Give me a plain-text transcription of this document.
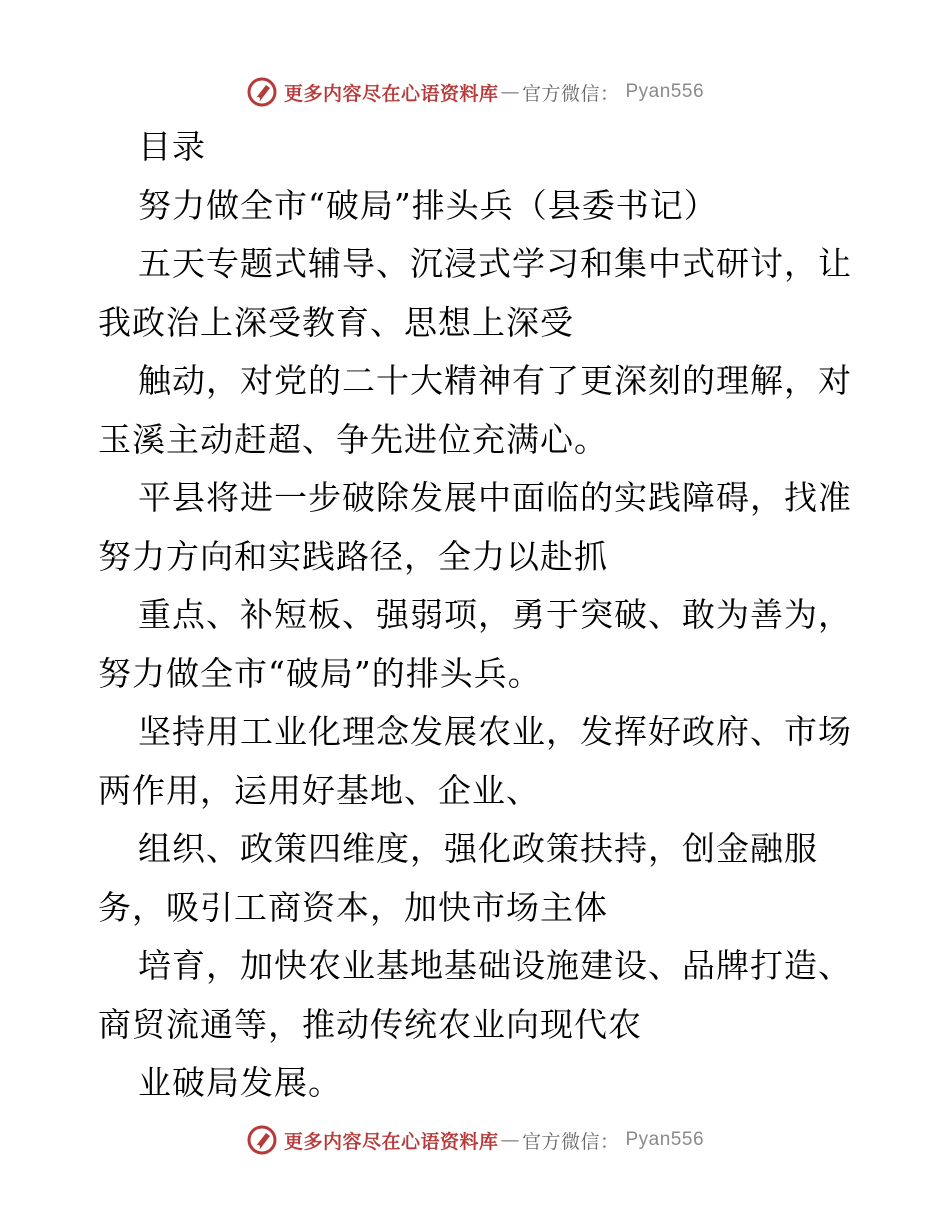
更多内容尽在心语资料库 — 官方微信： Pyan556

目录

努力做全市“破局”排头兵（县委书记）

五天专题式辅导、沉浸式学习和集中式研讨，让我政治上深受教育、思想上深受

触动，对党的二十大精神有了更深刻的理解，对玉溪主动赶超、争先进位充满心。

平县将进一步破除发展中面临的实践障碍，找准努力方向和实践路径，全力以赴抓

重点、补短板、强弱项，勇于突破、敢为善为，努力做全市“破局”的排头兵。

坚持用工业化理念发展农业，发挥好政府、市场两作用，运用好基地、企业、

组织、政策四维度，强化政策扶持，创金融服务，吸引工商资本，加快市场主体

培育，加快农业基地基础设施建设、品牌打造、商贸流通等，推动传统农业向现代农

业破局发展。

更多内容尽在心语资料库 — 官方微信： Pyan556
